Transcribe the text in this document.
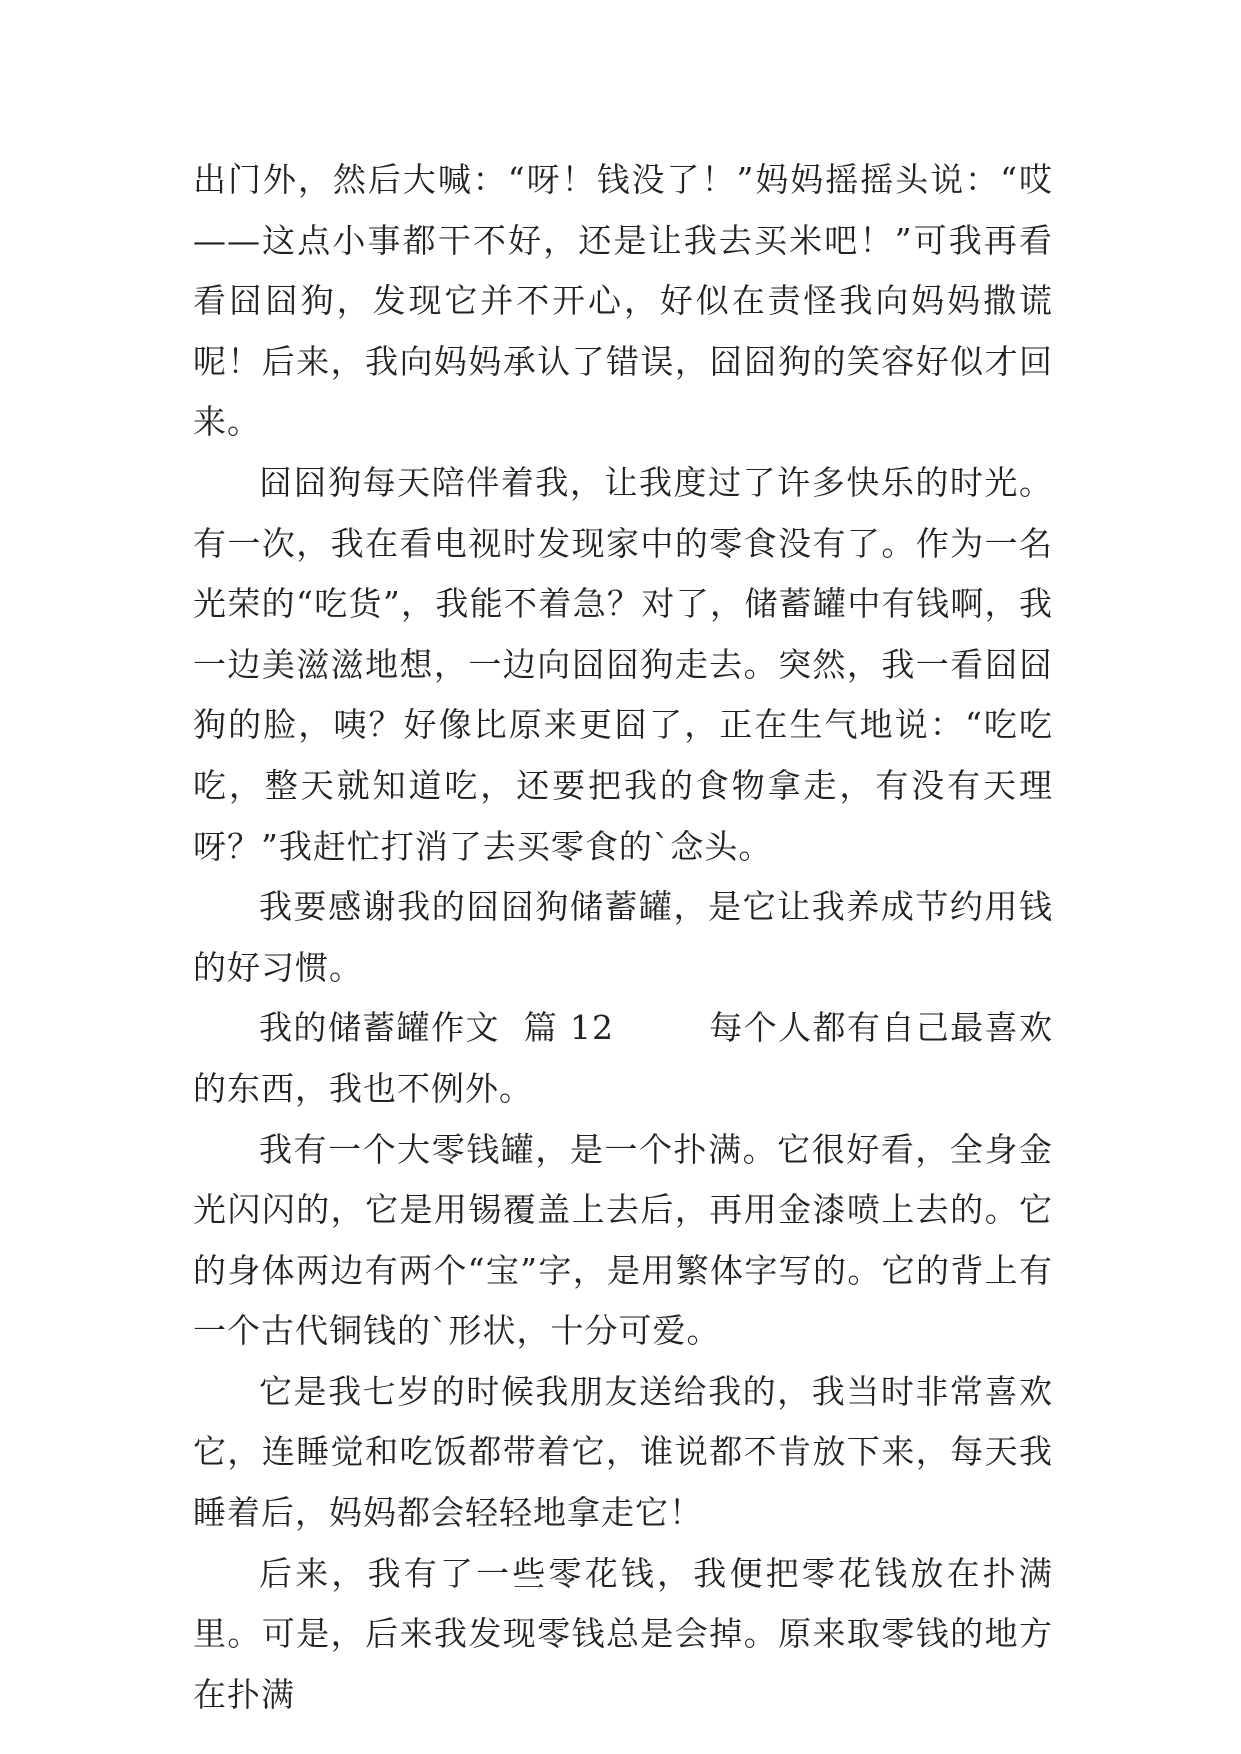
出门外，然后大喊：“呀！钱没了！”妈妈摇摇头说：“哎——这点小事都干不好，还是让我去买米吧！”可我再看看囧囧狗，发现它并不开心，好似在责怪我向妈妈撒谎呢！后来，我向妈妈承认了错误，囧囧狗的笑容好似才回来。

囧囧狗每天陪伴着我，让我度过了许多快乐的时光。有一次，我在看电视时发现家中的零食没有了。作为一名光荣的“吃货”，我能不着急？对了，储蓄罐中有钱啊，我一边美滋滋地想，一边向囧囧狗走去。突然，我一看囧囧狗的脸，咦？好像比原来更囧了，正在生气地说：“吃吃吃，整天就知道吃，还要把我的食物拿走，有没有天理呀？”我赶忙打消了去买零食的`念头。

我要感谢我的囧囧狗储蓄罐，是它让我养成节约用钱的好习惯。

我的储蓄罐作文  篇 12        每个人都有自己最喜欢的东西，我也不例外。

我有一个大零钱罐，是一个扑满。它很好看，全身金光闪闪的，它是用锡覆盖上去后，再用金漆喷上去的。它的身体两边有两个“宝”字，是用繁体字写的。它的背上有一个古代铜钱的`形状，十分可爱。

它是我七岁的时候我朋友送给我的，我当时非常喜欢它，连睡觉和吃饭都带着它，谁说都不肯放下来，每天我睡着后，妈妈都会轻轻地拿走它！

后来，我有了一些零花钱，我便把零花钱放在扑满里。可是，后来我发现零钱总是会掉。原来取零钱的地方在扑满
